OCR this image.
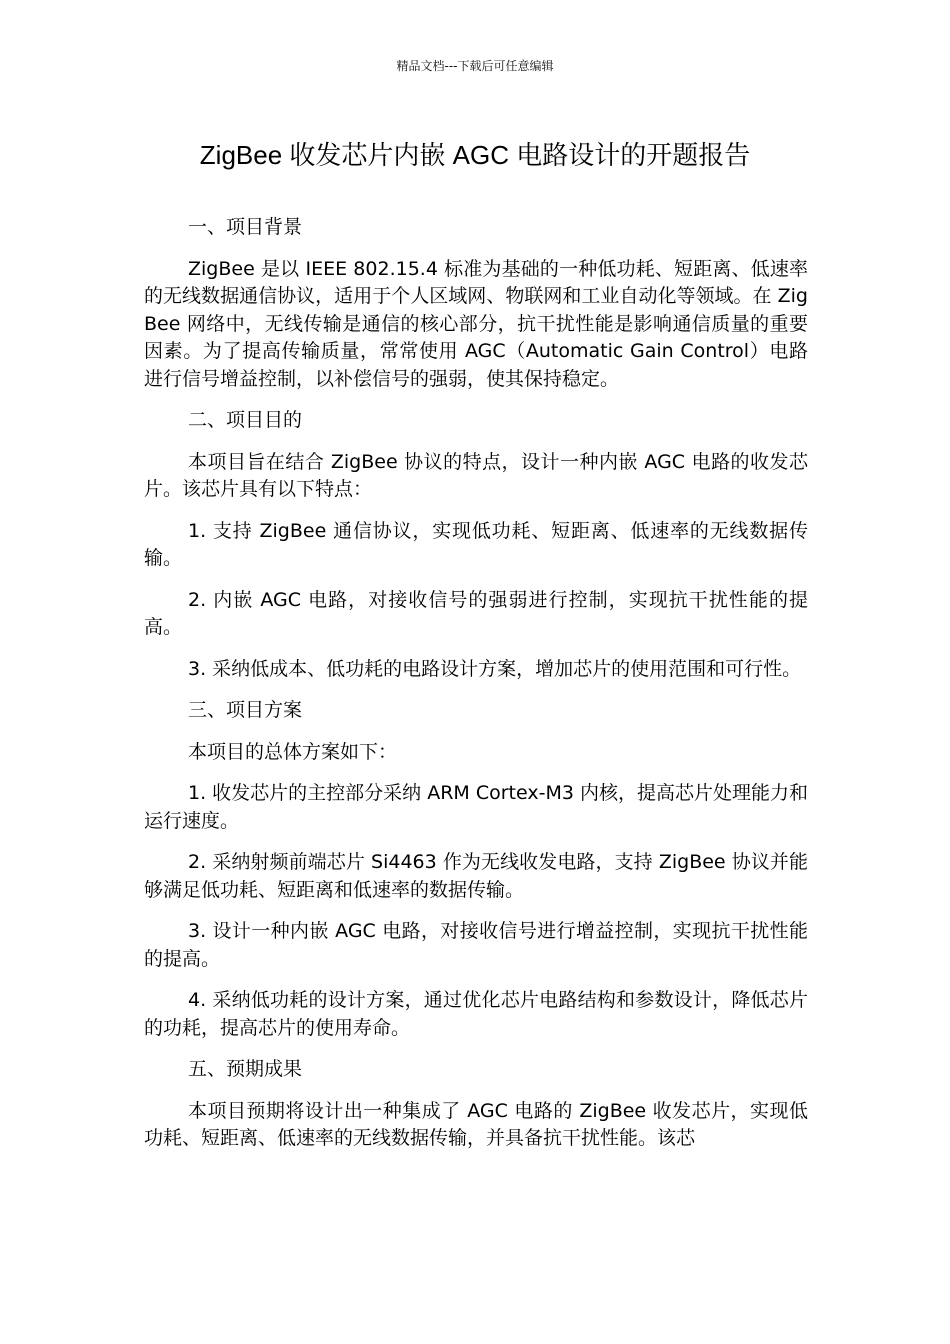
精品文档---下载后可任意编辑
ZigBee 收发芯片内嵌 AGC 电路设计的开题报告

一、项目背景

ZigBee 是以 IEEE 802.15.4 标准为基础的一种低功耗、短距离、低速率的无线数据通信协议，适用于个人区域网、物联网和工业自动化等领域。在 ZigBee 网络中，无线传输是通信的核心部分，抗干扰性能是影响通信质量的重要因素。为了提高传输质量，常常使用 AGC（Automatic Gain Control）电路进行信号增益控制，以补偿信号的强弱，使其保持稳定。

二、项目目的

本项目旨在结合 ZigBee 协议的特点，设计一种内嵌 AGC 电路的收发芯片。该芯片具有以下特点：

1. 支持 ZigBee 通信协议，实现低功耗、短距离、低速率的无线数据传输。

2. 内嵌 AGC 电路，对接收信号的强弱进行控制，实现抗干扰性能的提高。

3. 采纳低成本、低功耗的电路设计方案，增加芯片的使用范围和可行性。

三、项目方案

本项目的总体方案如下：

1. 收发芯片的主控部分采纳 ARM Cortex-M3 内核，提高芯片处理能力和运行速度。

2. 采纳射频前端芯片 Si4463 作为无线收发电路，支持 ZigBee 协议并能够满足低功耗、短距离和低速率的数据传输。

3. 设计一种内嵌 AGC 电路，对接收信号进行增益控制，实现抗干扰性能的提高。

4. 采纳低功耗的设计方案，通过优化芯片电路结构和参数设计，降低芯片的功耗，提高芯片的使用寿命。

五、预期成果

本项目预期将设计出一种集成了 AGC 电路的 ZigBee 收发芯片，实现低功耗、短距离、低速率的无线数据传输，并具备抗干扰性能。该芯
